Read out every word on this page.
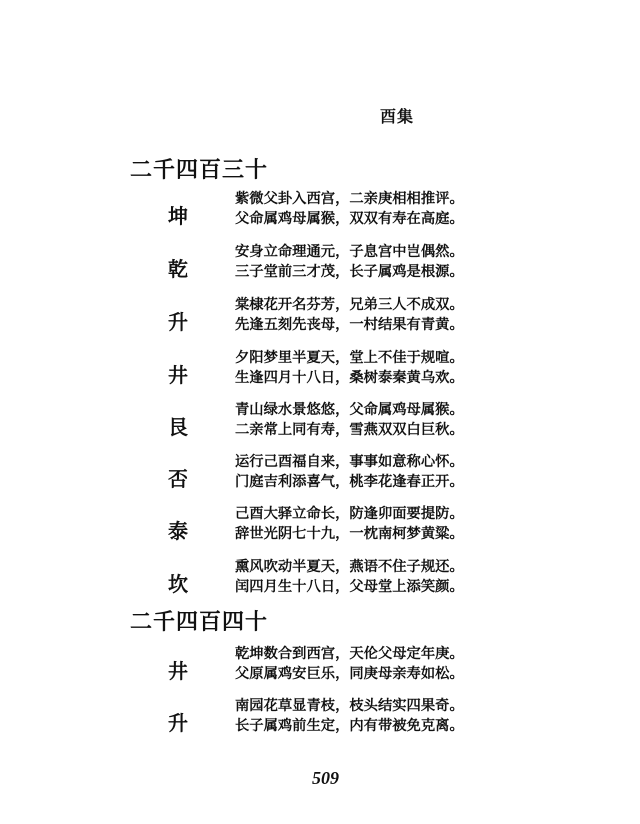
酉集
二千四百三十
坤
紫微父卦入西宫，二亲庚相相推评。
父命属鸡母属猴，双双有寿在高庭。
乾
安身立命理通元，子息宫中岂偶然。
三子堂前三才茂，长子属鸡是根源。
升
棠棣花开名芬芳，兄弟三人不成双。
先逢五刻先丧母，一村结果有青黄。
井
夕阳梦里半夏天，堂上不佳于规喧。
生逢四月十八日，桑树泰秦黄乌欢。
艮
青山绿水景悠悠，父命属鸡母属猴。
二亲常上同有寿，雪燕双双白巨秋。
否
运行己酉福自来，事事如意称心怀。
门庭吉利添喜气，桃李花逢春正开。
泰
己酉大驿立命长，防逢卯面要提防。
辞世光阴七十九，一枕南柯梦黄粱。
坎
熏风吹动半夏天，燕语不住子规还。
闰四月生十八日，父母堂上添笑颜。
二千四百四十
井
乾坤数合到西宫，天伦父母定年庚。
父原属鸡安巨乐，同庚母亲寿如松。
升
南园花草显青枝，枝头结实四果奇。
长子属鸡前生定，内有带被免克离。
509
